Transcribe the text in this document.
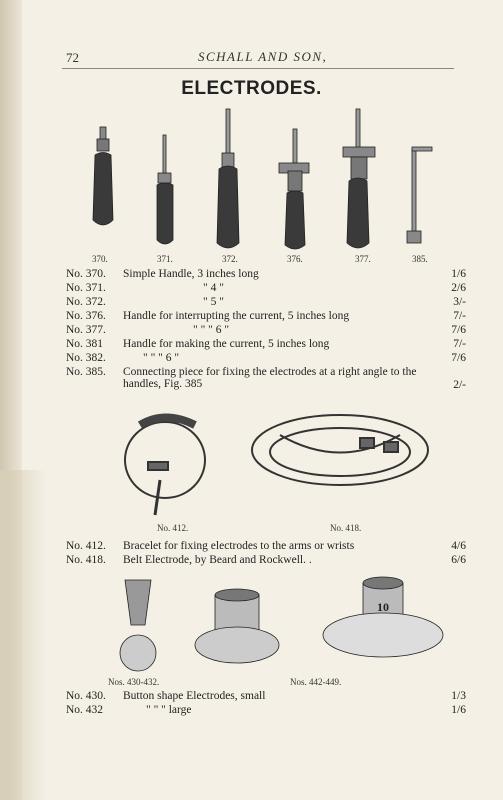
72	SCHALL AND SON,
ELECTRODES.
370.	371.	372.	376.	377.	385.
No. 370. Simple Handle, 3 inches long	1/6
No. 371.	" 4 "	2/6
No. 372.	" 5 "	3/-
No. 376. Handle for interrupting the current, 5 inches long	7/-
No. 377.	" " " 6 "	7/6
No. 381 Handle for making the current, 5 inches long	7/-
No. 382.	" " " 6 "	7/6
No. 385. Connecting piece for fixing the electrodes at a right angle to the handles, Fig. 385	2/-
No. 412.	No. 418.
No. 412. Bracelet for fixing electrodes to the arms or wrists	4/6
No. 418. Belt Electrode, by Beard and Rockwell. .	6/6
10
Nos. 430-432.	Nos. 442-449.
No. 430. Button shape Electrodes, small	1/3
No. 432	" " " large	1/6
